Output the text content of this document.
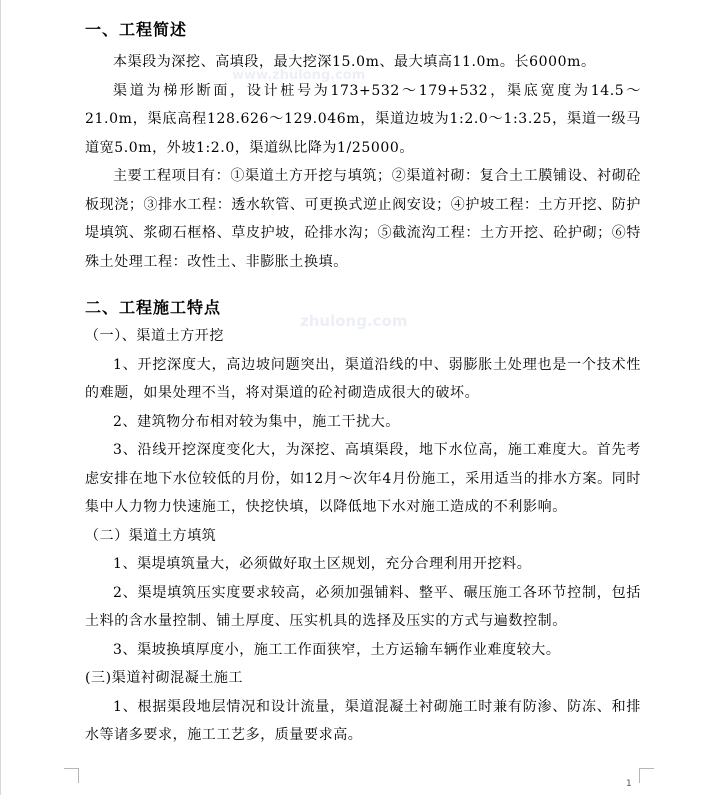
www.zhulong.com
zhulong.com
一、工程简述

本渠段为深挖、高填段，最大挖深15.0m、最大填高11.0m。长6000m。

渠道为梯形断面，设计桩号为173+532～179+532，渠底宽度为14.5～21.0m，渠底高程128.626～129.046m，渠道边坡为1:2.0～1:3.25，渠道一级马道宽5.0m，外坡1:2.0，渠道纵比降为1/25000。

主要工程项目有：①渠道土方开挖与填筑；②渠道衬砌：复合土工膜铺设、衬砌砼板现浇；③排水工程：透水软管、可更换式逆止阀安设；④护坡工程：土方开挖、防护堤填筑、浆砌石框格、草皮护坡，砼排水沟；⑤截流沟工程：土方开挖、砼护砌；⑥特殊土处理工程：改性土、非膨胀土换填。

二、工程施工特点
（一）、渠道土方开挖

1、开挖深度大，高边坡问题突出，渠道沿线的中、弱膨胀土处理也是一个技术性的难题，如果处理不当，将对渠道的砼衬砌造成很大的破坏。

2、建筑物分布相对较为集中，施工干扰大。

3、沿线开挖深度变化大，为深挖、高填渠段，地下水位高，施工难度大。首先考虑安排在地下水位较低的月份，如12月～次年4月份施工，采用适当的排水方案。同时集中人力物力快速施工，快挖快填，以降低地下水对施工造成的不利影响。

（二）渠道土方填筑

1、渠堤填筑量大，必须做好取土区规划，充分合理利用开挖料。

2、渠堤填筑压实度要求较高，必须加强铺料、整平、碾压施工各环节控制，包括土料的含水量控制、铺土厚度、压实机具的选择及压实的方式与遍数控制。

3、渠坡换填厚度小，施工工作面狭窄，土方运输车辆作业难度较大。

(三)渠道衬砌混凝土施工

1、根据渠段地层情况和设计流量，渠道混凝土衬砌施工时兼有防渗、防冻、和排水等诸多要求，施工工艺多，质量要求高。

1
